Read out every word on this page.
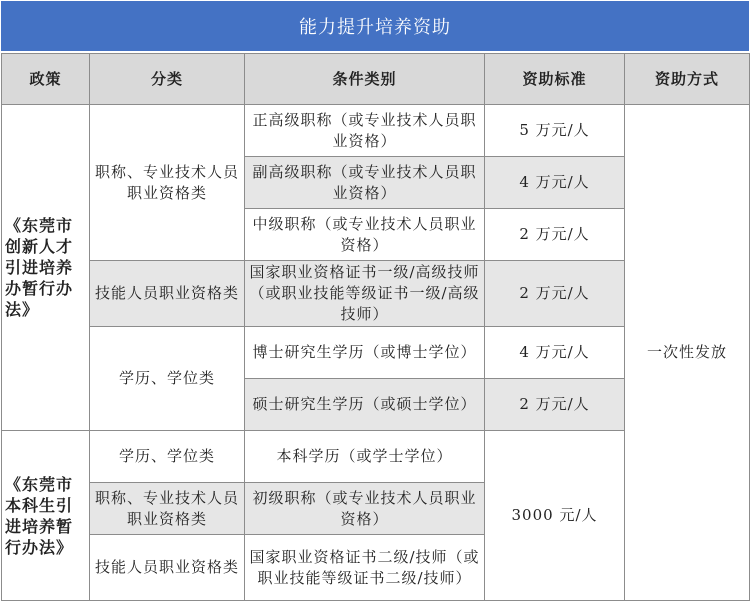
能力提升培养资助
政策	分类	条件类别	资助标准	资助方式
《东莞市创新人才引进培养办暂行办法》	职称、专业技术人员职业资格类	正高级职称（或专业技术人员职业资格）	5 万元/人	一次性发放
		副高级职称（或专业技术人员职业资格）	4 万元/人	
		中级职称（或专业技术人员职业资格）	2 万元/人	
	技能人员职业资格类	国家职业资格证书一级/高级技师（或职业技能等级证书一级/高级技师）	2 万元/人	
	学历、学位类	博士研究生学历（或博士学位）	4 万元/人	
		硕士研究生学历（或硕士学位）	2 万元/人	
《东莞市本科生引进培养暂行办法》	学历、学位类	本科学历（或学士学位）	3000 元/人	
	职称、专业技术人员职业资格类	初级职称（或专业技术人员职业资格）		
	技能人员职业资格类	国家职业资格证书二级/技师（或职业技能等级证书二级/技师）		
